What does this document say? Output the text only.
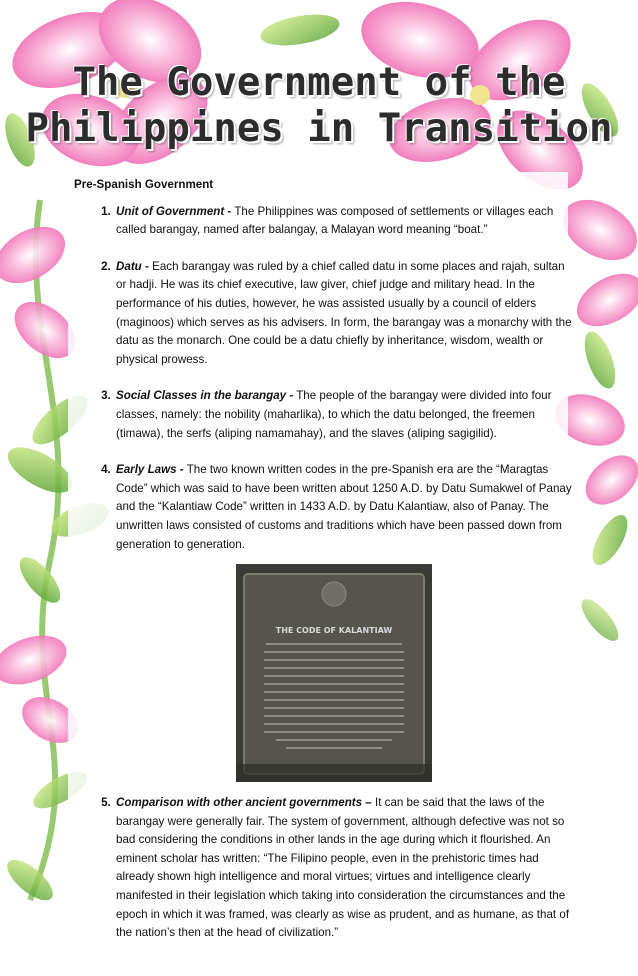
The Government of the
Philippines in Transition
Pre-Spanish Government
1. Unit of Government - The Philippines was composed of settlements or villages each called barangay, named after balangay, a Malayan word meaning “boat.”
2. Datu - Each barangay was ruled by a chief called datu in some places and rajah, sultan or hadji. He was its chief executive, law giver, chief judge and military head. In the performance of his duties, however, he was assisted usually by a council of elders (maginoos) which serves as his advisers. In form, the barangay was a monarchy with the datu as the monarch. One could be a datu chiefly by inheritance, wisdom, wealth or physical prowess.
3. Social Classes in the barangay - The people of the barangay were divided into four classes, namely: the nobility (maharlika), to which the datu belonged, the freemen (timawa), the serfs (aliping namamahay), and the slaves (aliping sagigilid).
4. Early Laws - The two known written codes in the pre-Spanish era are the “Maragtas Code” which was said to have been written about 1250 A.D. by Datu Sumakwel of Panay and the “Kalantiaw Code” written in 1433 A.D. by Datu Kalantiaw, also of Panay. The unwritten laws consisted of customs and traditions which have been passed down from generation to generation.
THE CODE OF KALANTIAW
5. Comparison with other ancient governments – It can be said that the laws of the barangay were generally fair. The system of government, although defective was not so bad considering the conditions in other lands in the age during which it flourished. An eminent scholar has written: “The Filipino people, even in the prehistoric times had already shown high intelligence and moral virtues; virtues and intelligence clearly manifested in their legislation which taking into consideration the circumstances and the epoch in which it was framed, was clearly as wise as prudent, and as humane, as that of the nation’s then at the head of civilization.”
